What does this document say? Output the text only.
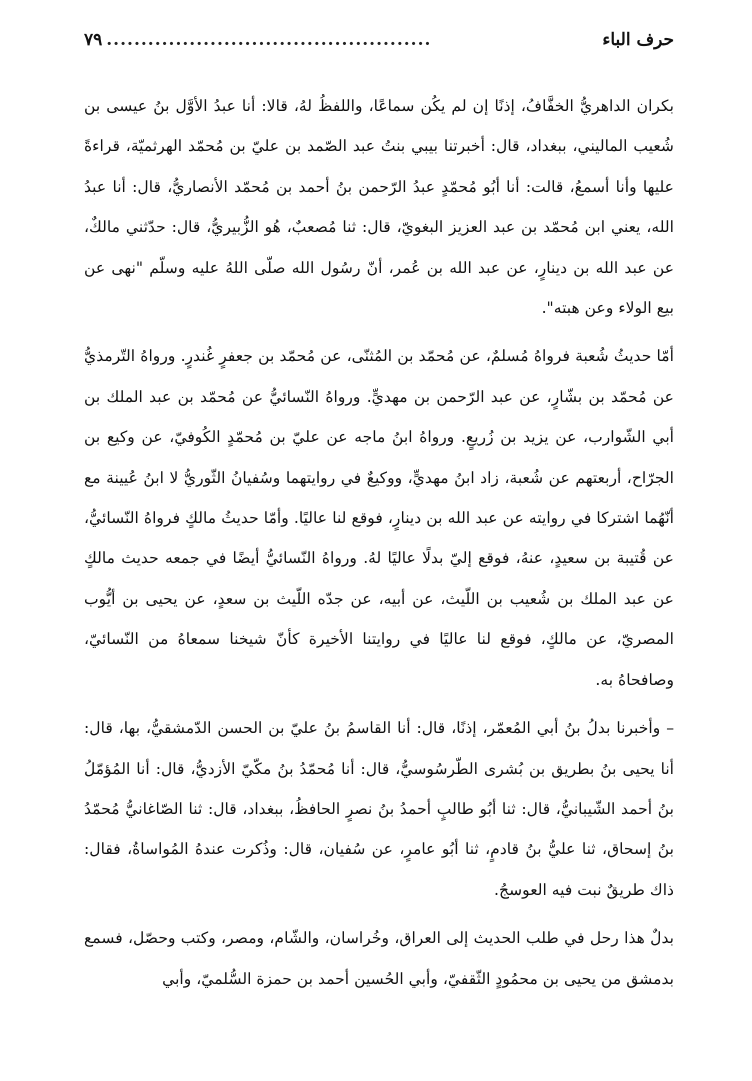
حرف الباء
...............................................
٧٩

بكران الداهريُّ الخفَّافُ، إذنًا إن لم يكُن سماعًا، واللفظُ لهُ، قالا: أنا عبدُ الأوَّل بنُ عيسى بن شُعيب الماليني، ببغداد، قال: أخبرتنا بيبي بنتُ عبد الصّمد بن عليّ بن مُحمّد الهرثميّة، قراءةً عليها وأنا أسمعُ، قالت: أنا أبُو مُحمّدٍ عبدُ الرّحمن بنُ أحمد بن مُحمّد الأنصاريُّ، قال: أنا عبدُ الله، يعني ابن مُحمّد بن عبد العزيز البغويّ، قال: ثنا مُصعبٌ، هُو الزُّبيريُّ، قال: حدّثني مالكٌ، عن عبد الله بن دينارٍ، عن عبد الله بن عُمر، أنّ رسُول الله صلّى اللهُ عليه وسلّم "نهى عن بيع الولاء وعن هبته".

أمّا حديثُ شُعبة فرواهُ مُسلمٌ، عن مُحمّد بن المُثنّى، عن مُحمّد بن جعفرٍ غُندرٍ. ورواهُ التّرمذيُّ عن مُحمّد بن بشّارٍ، عن عبد الرّحمن بن مهديٍّ. ورواهُ النّسائيُّ عن مُحمّد بن عبد الملك بن أبي الشّوارب، عن يزيد بن زُريعٍ. ورواهُ ابنُ ماجه عن عليّ بن مُحمّدٍ الكُوفيّ، عن وكيع بن الجرّاح، أربعتهم عن شُعبة، زاد ابنُ مهديٍّ، ووكيعٌ في روايتهما وسُفيانُ الثّوريُّ لا ابنُ عُيينة مع أنّهُما اشتركا في روايته عن عبد الله بن دينارٍ، فوقع لنا عاليًا. وأمّا حديثُ مالكٍ فرواهُ النّسائيُّ، عن قُتيبة بن سعيدٍ، عنهُ، فوقع إليّ بدلًا عاليًا لهُ. ورواهُ النّسائيُّ أيضًا في جمعه حديث مالكٍ عن عبد الملك بن شُعيب بن اللّيث، عن أبيه، عن جدّه اللّيث بن سعدٍ، عن يحيى بن أيُّوب المصريّ، عن مالكٍ، فوقع لنا عاليًا في روايتنا الأخيرة كأنّ شيخنا سمعاهُ من النّسائيّ، وصافحاهُ به.

– وأخبرنا بدلُ بنُ أبي المُعمّر، إذنًا، قال: أنا القاسمُ بنُ عليّ بن الحسن الدّمشقيُّ، بها، قال: أنا يحيى بنُ بطريق بن بُشرى الطّرسُوسيُّ، قال: أنا مُحمّدُ بنُ مكّيّ الأزديُّ، قال: أنا المُؤمّلُ بنُ أحمد الشّيبانيُّ، قال: ثنا أبُو طالبٍ أحمدُ بنُ نصرٍ الحافظُ، ببغداد، قال: ثنا الصّاغانيُّ مُحمّدُ بنُ إسحاق، ثنا عليُّ بنُ قادمٍ، ثنا أبُو عامرٍ، عن سُفيان، قال: وذُكرت عندهُ المُواساةُ، فقال: ذاك طريقٌ نبت فيه العوسجُ.

بدلٌ هذا رحل في طلب الحديث إلى العراق، وخُراسان، والشّام، ومصر، وكتب وحصّل، فسمع بدمشق من يحيى بن محمُودٍ الثّقفيّ، وأبي الحُسين أحمد بن حمزة السُّلميّ، وأبي
